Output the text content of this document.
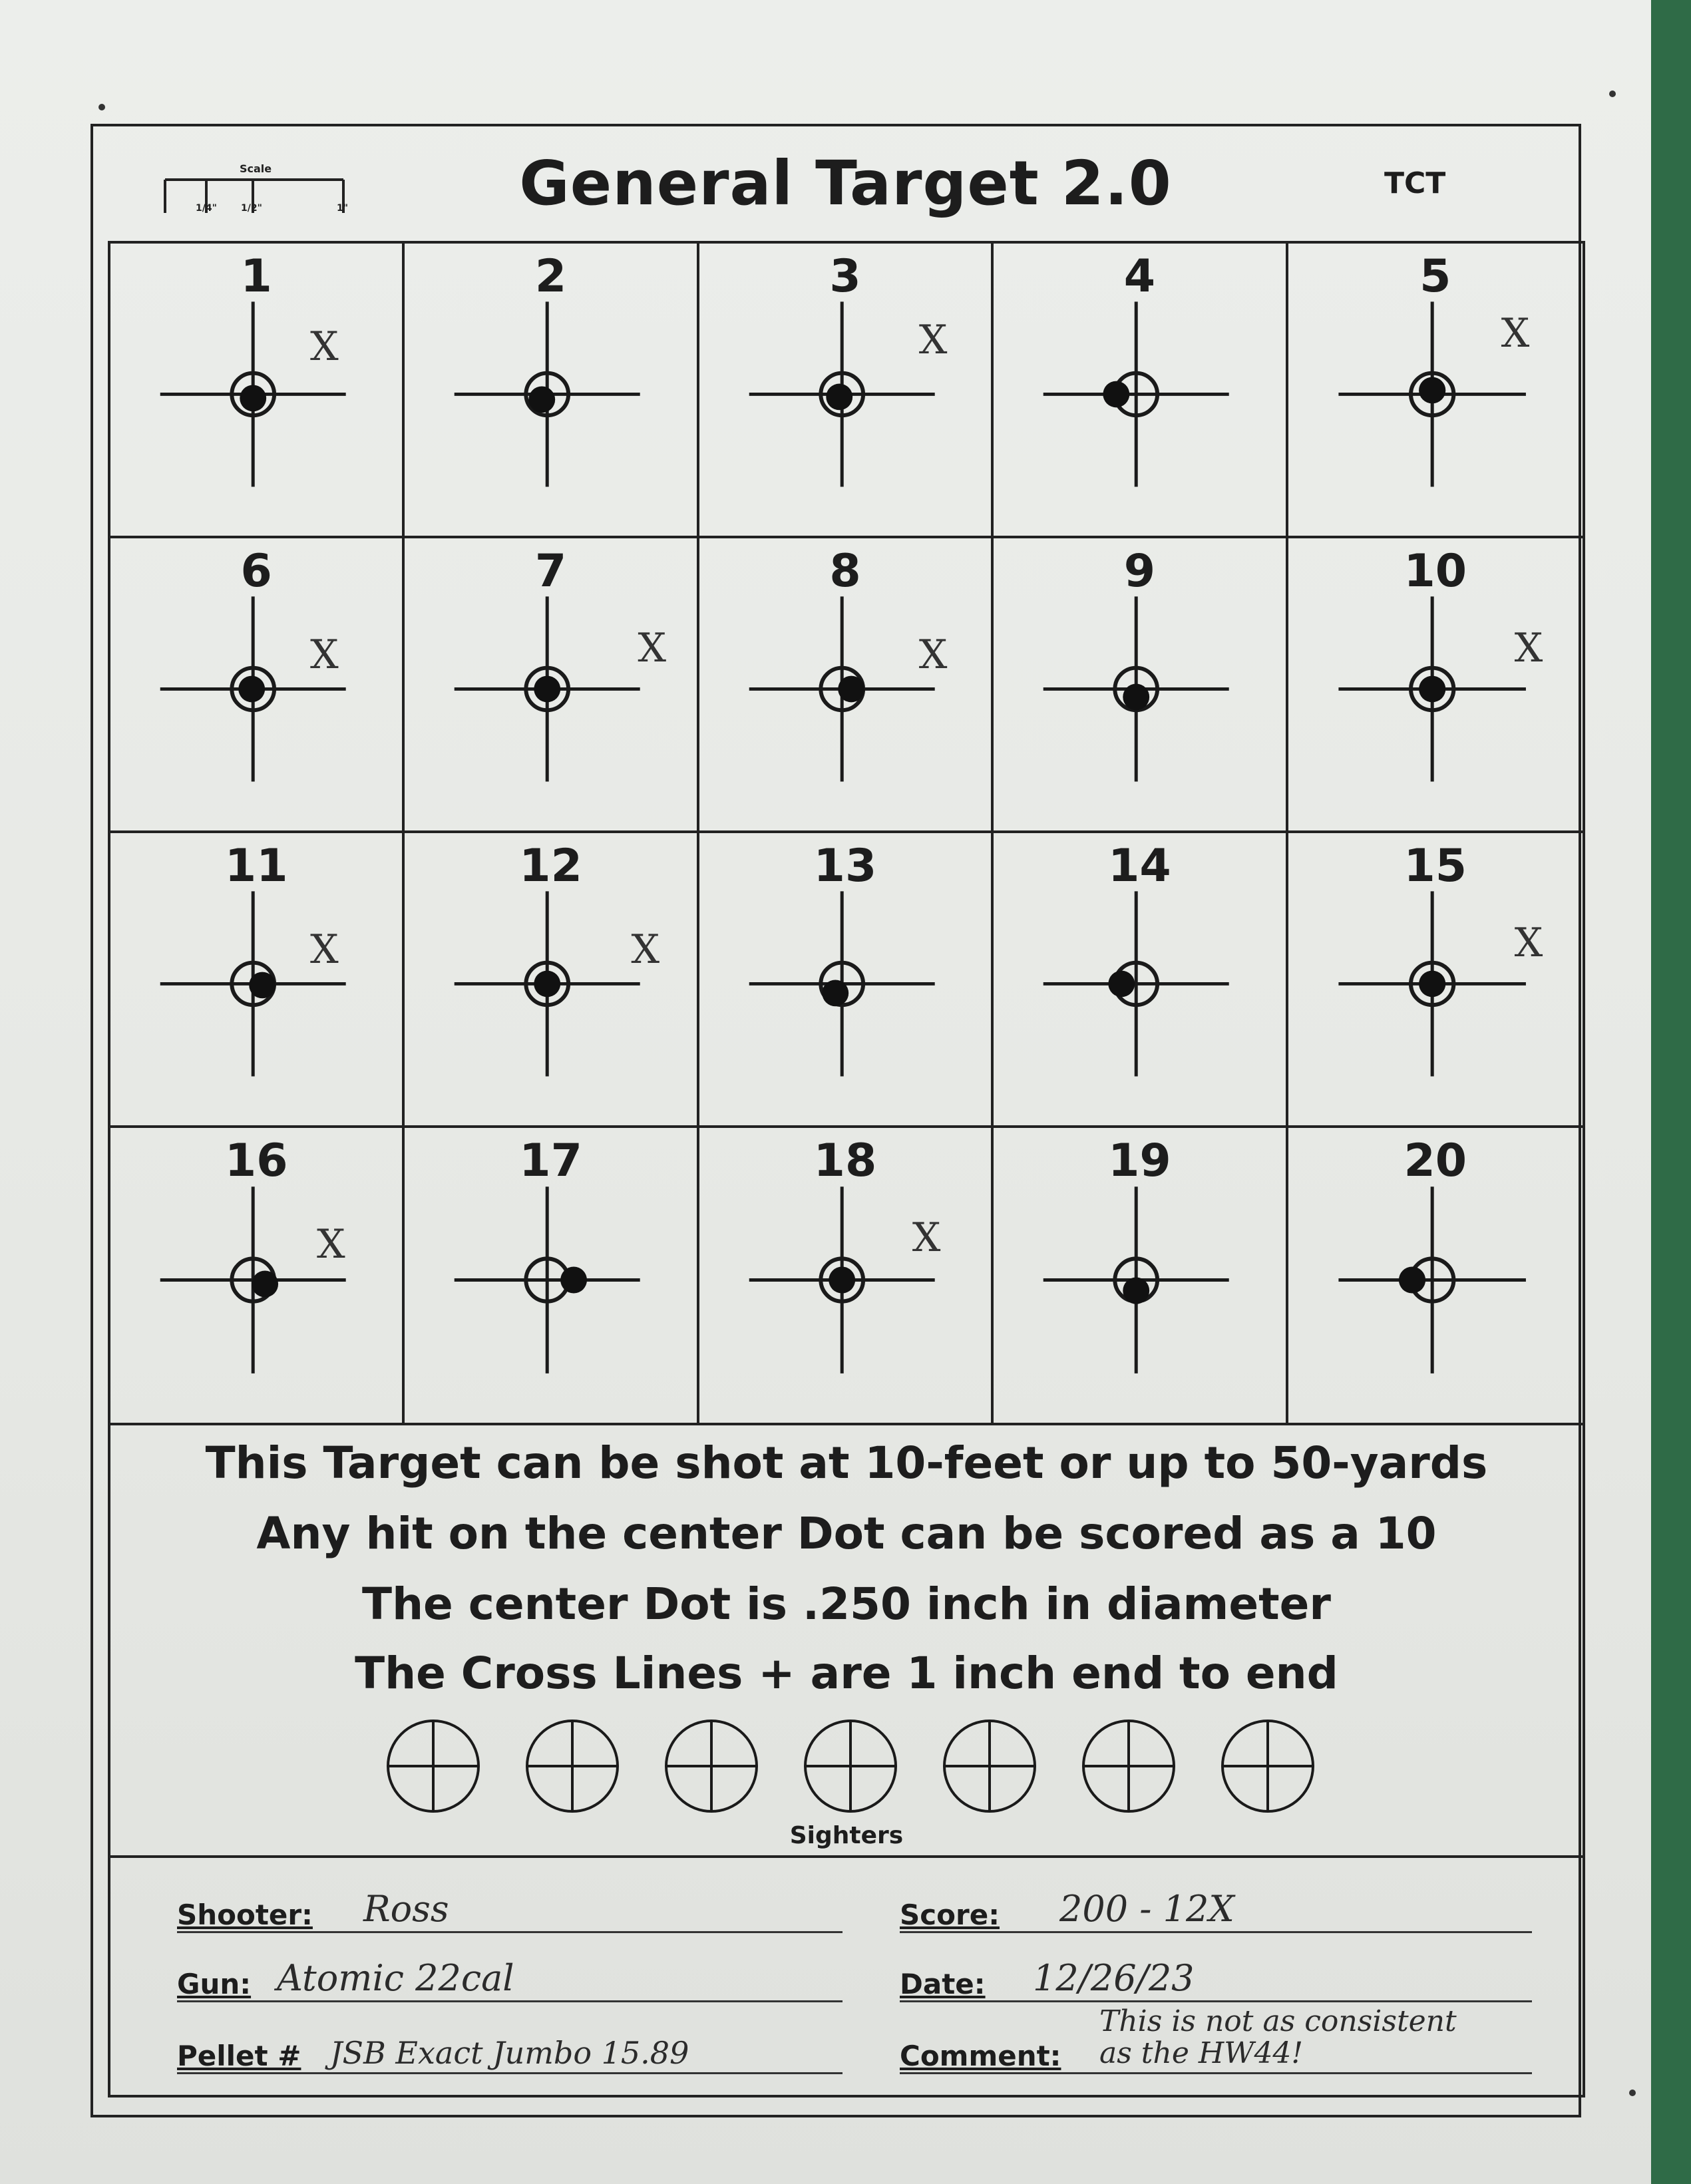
Scale
1/4"	1/2"	1"	General Target 2.0	TCT
1
X
2	3
X
4	5
X
6
X
7
X
8
X
9	10
X
11
X
12
X
13	14	15
X
16
X
17	18
X
19	20
This Target can be shot at 10-feet or up to 50-yards
Any hit on the center Dot can be scored as a 10
The center Dot is .250 inch in diameter
The Cross Lines + are 1 inch end to end
Sighters
Shooter: Ross
Gun: Atomic 22cal
Pellet # JSB Exact Jumbo 15.89
Score: 200 - 12X
Date: 12/26/23
Comment:
This is not as consistent
as the HW44!
